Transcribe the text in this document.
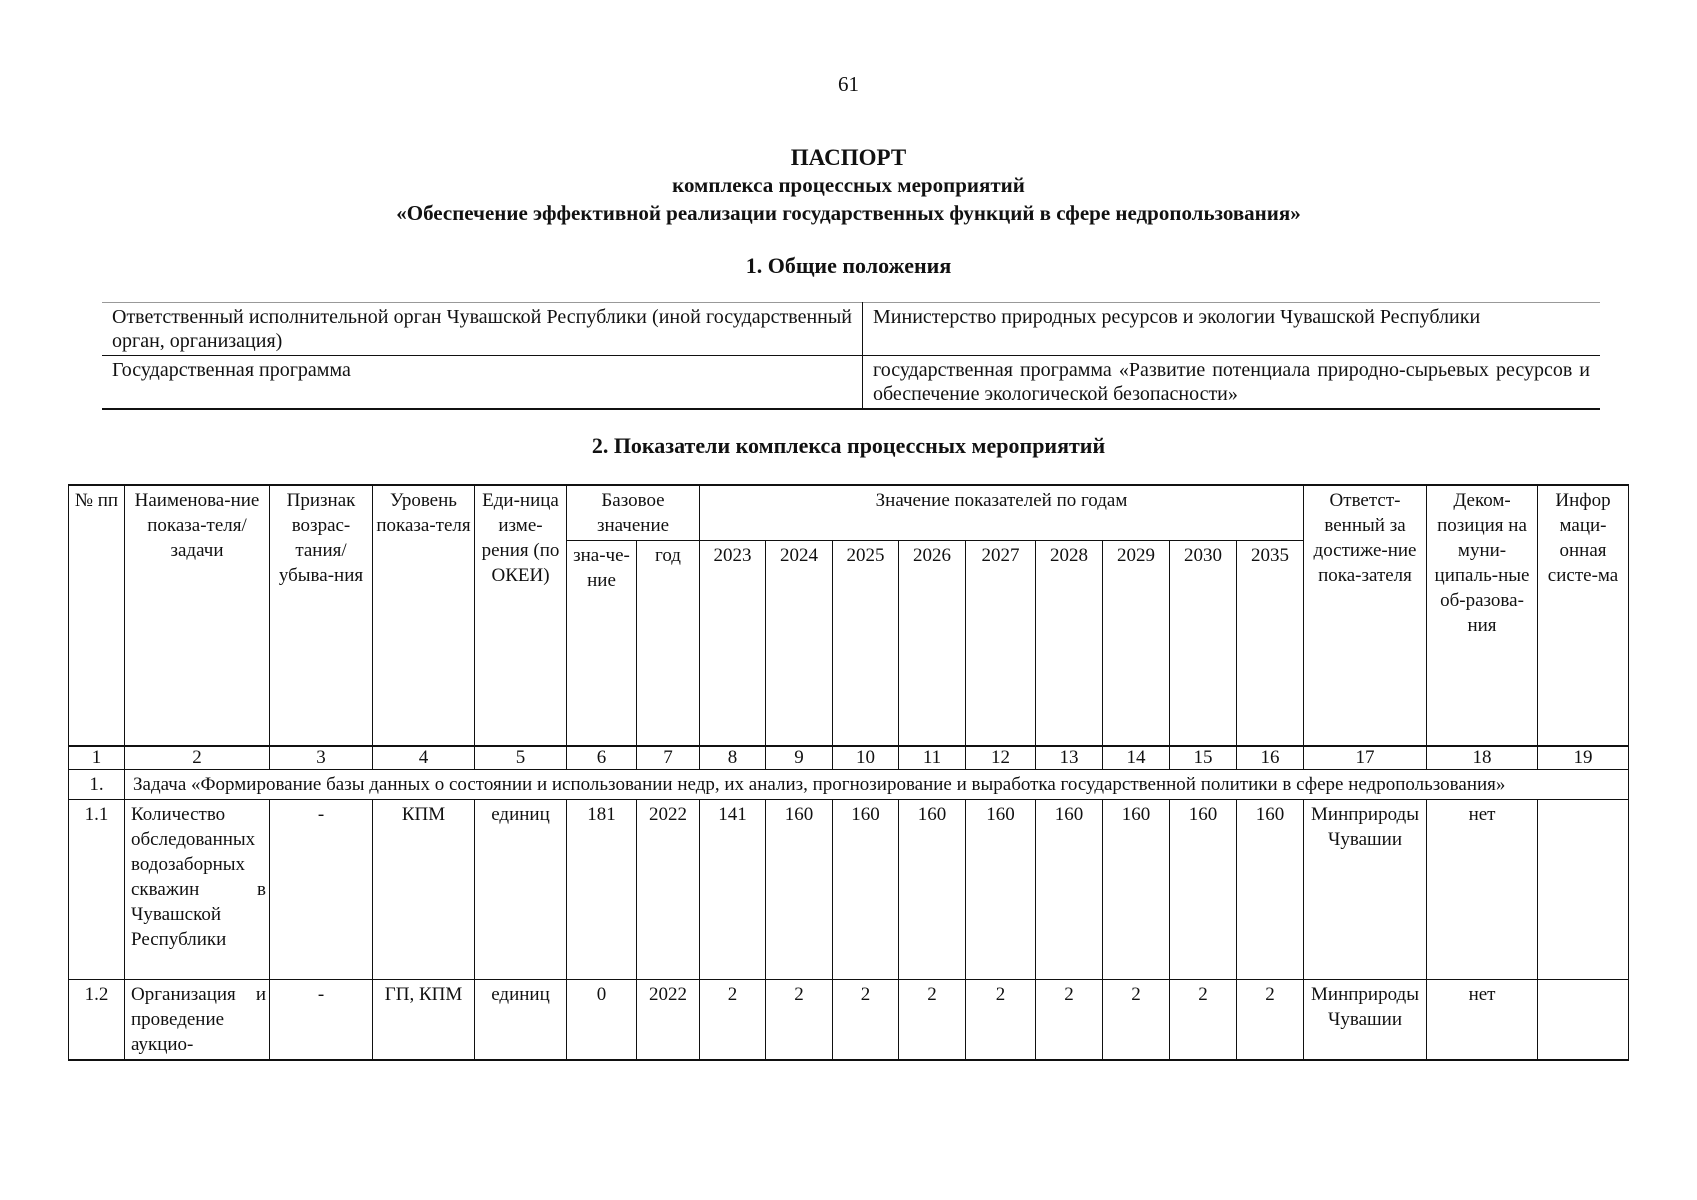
61
ПАСПОРТ
комплекса процессных мероприятий
«Обеспечение эффективной реализации государственных функций в сфере недропользования»
1. Общие положения
Ответственный исполнительной орган Чувашской Республики (иной государственный орган, организация)	Министерство природных ресурсов и экологии Чувашской Республики
Государственная программа	государственная программа «Развитие потенциала природно-сырьевых ресурсов и обеспечение экологической безопасности»
2. Показатели комплекса процессных мероприятий
№ пп	Наименова-ние показа-теля/задачи	Признак возрас-тания/ убыва-ния	Уровень показа-теля	Еди-ница изме-рения (по ОКЕИ)	Базовое значение		Значение показателей по годам									Ответст-венный за достиже-ние пока-зателя	Деком-позиция на муни-ципаль-ные об-разова-ния	Инфор маци-онная систе-ма
					зна-че-ние	год	2023	2024	2025	2026	2027	2028	2029	2030	2035			
1	2	3	4	5	6	7	8	9	10	11	12	13	14	15	16	17	18	19
1.	Задача «Формирование базы данных о состоянии и использовании недр, их анализ, прогнозирование и выработка государственной политики в сфере недропользования»																	
1.1	Количество обследованных водозаборных скважин в Чувашской Республики	-	КПМ	единиц	181	2022	141	160	160	160	160	160	160	160	160	Минприроды Чувашии	нет	
1.2	Организация и проведение аукцио-	-	ГП, КПМ	единиц	0	2022	2	2	2	2	2	2	2	2	2	Минприроды Чувашии	нет	
